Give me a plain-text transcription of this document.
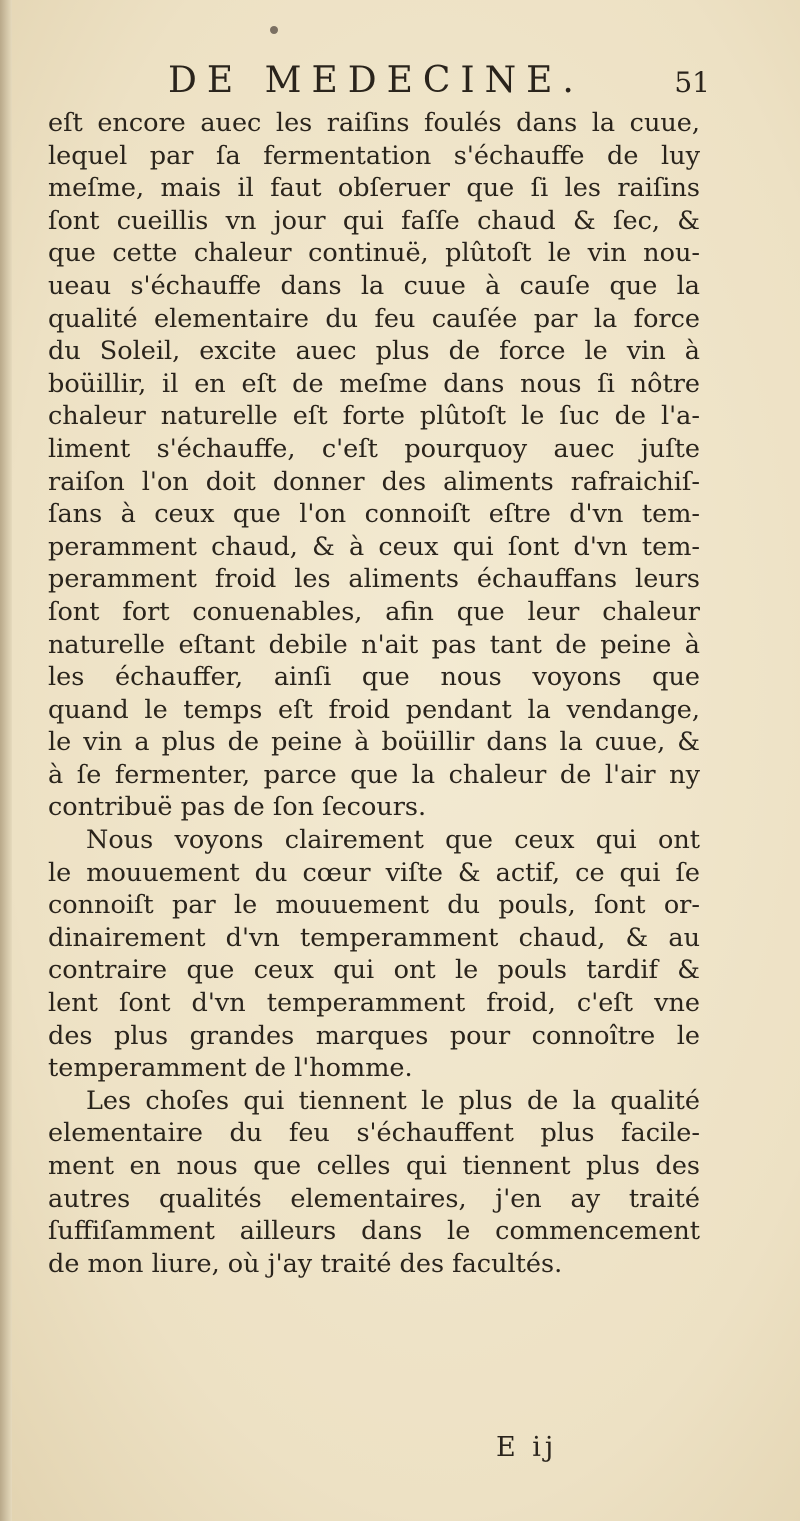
DE MEDECINE.	51
eſt encore auec les raiſins foulés dans la cuue,
lequel par ſa fermentation s'échauffe de luy
meſme, mais il faut obſeruer que ſi les raiſins
ſont cueillis vn jour qui faſſe chaud & ſec, &
que cette chaleur continuë, plûtoſt le vin nou-
ueau s'échauffe dans la cuue à cauſe que la
qualité elementaire du feu cauſée par la force
du Soleil, excite auec plus de force le vin à
boüillir, il en eſt de meſme dans nous ſi nôtre
chaleur naturelle eſt forte plûtoſt le ſuc de l'a-
liment s'échauffe, c'eſt pourquoy auec juſte
raiſon l'on doit donner des aliments rafraichiſ-
ſans à ceux que l'on connoiſt eſtre d'vn tem-
peramment chaud, & à ceux qui ſont d'vn tem-
peramment froid les aliments échauffans leurs
ſont fort conuenables, afin que leur chaleur
naturelle eſtant debile n'ait pas tant de peine à
les échauffer, ainſi que nous voyons que
quand le temps eſt froid pendant la vendange,
le vin a plus de peine à boüillir dans la cuue, &
à ſe fermenter, parce que la chaleur de l'air ny
contribuë pas de ſon ſecours.
Nous voyons clairement que ceux qui ont
le mouuement du cœur viſte & actif, ce qui ſe
connoiſt par le mouuement du pouls, ſont or-
dinairement d'vn temperamment chaud, & au
contraire que ceux qui ont le pouls tardif &
lent ſont d'vn temperamment froid, c'eſt vne
des plus grandes marques pour connoître le
temperamment de l'homme.
Les choſes qui tiennent le plus de la qualité
elementaire du feu s'échauffent plus facile-
ment en nous que celles qui tiennent plus des
autres qualités elementaires, j'en ay traité
ſuffiſamment ailleurs dans le commencement
de mon liure, où j'ay traité des facultés.
E ij
